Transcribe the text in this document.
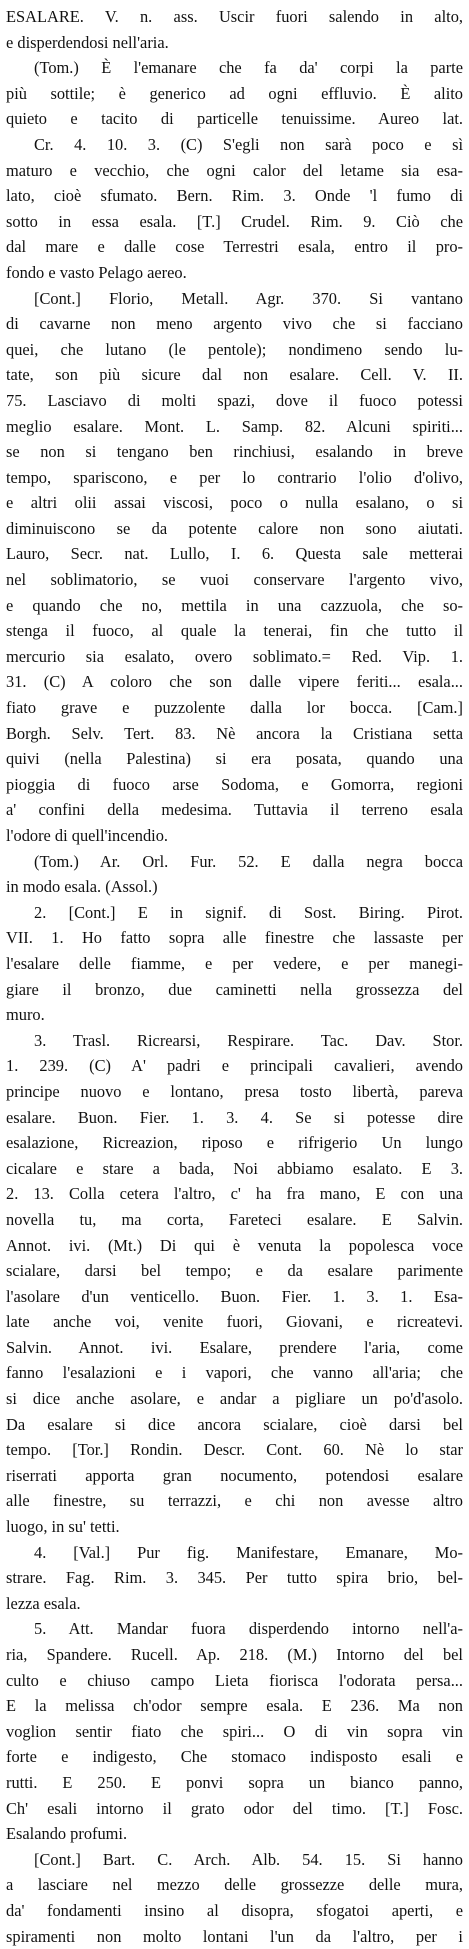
ESALARE. V. n. ass. Uscir fuori salendo in alto,
e disperdendosi nell'aria.
(Tom.) È l'emanare che fa da' corpi la parte
più sottile; è generico ad ogni effluvio. È alito
quieto e tacito di particelle tenuissime. Aureo lat.
Cr. 4. 10. 3. (C) S'egli non sarà poco e sì
maturo e vecchio, che ogni calor del letame sia esa-
lato, cioè sfumato. Bern. Rim. 3. Onde 'l fumo di
sotto in essa esala. [T.] Crudel. Rim. 9. Ciò che
dal mare e dalle cose Terrestri esala, entro il pro-
fondo e vasto Pelago aereo.
[Cont.] Florio, Metall. Agr. 370. Si vantano
di cavarne non meno argento vivo che si facciano
quei, che lutano (le pentole); nondimeno sendo lu-
tate, son più sicure dal non esalare. Cell. V. II.
75. Lasciavo di molti spazi, dove il fuoco potessi
meglio esalare. Mont. L. Samp. 82. Alcuni spiriti...
se non si tengano ben rinchiusi, esalando in breve
tempo, spariscono, e per lo contrario l'olio d'olivo,
e altri olii assai viscosi, poco o nulla esalano, o si
diminuiscono se da potente calore non sono aiutati.
Lauro, Secr. nat. Lullo, I. 6. Questa sale metterai
nel soblimatorio, se vuoi conservare l'argento vivo,
e quando che no, mettila in una cazzuola, che so-
stenga il fuoco, al quale la tenerai, fin che tutto il
mercurio sia esalato, overo soblimato.= Red. Vip. 1.
31. (C) A coloro che son dalle vipere feriti... esala...
fiato grave e puzzolente dalla lor bocca. [Cam.]
Borgh. Selv. Tert. 83. Nè ancora la Cristiana setta
quivi (nella Palestina) si era posata, quando una
pioggia di fuoco arse Sodoma, e Gomorra, regioni
a' confini della medesima. Tuttavia il terreno esala
l'odore di quell'incendio.
(Tom.) Ar. Orl. Fur. 52. E dalla negra bocca
in modo esala. (Assol.)
2. [Cont.] E in signif. di Sost. Biring. Pirot.
VII. 1. Ho fatto sopra alle finestre che lassaste per
l'esalare delle fiamme, e per vedere, e per manegi-
giare il bronzo, due caminetti nella grossezza del
muro.
3. Trasl. Ricrearsi, Respirare. Tac. Dav. Stor.
1. 239. (C) A' padri e principali cavalieri, avendo
principe nuovo e lontano, presa tosto libertà, pareva
esalare. Buon. Fier. 1. 3. 4. Se si potesse dire
esalazione, Ricreazion, riposo e rifrigerio Un lungo
cicalare e stare a bada, Noi abbiamo esalato. E 3.
2. 13. Colla cetera l'altro, c' ha fra mano, E con una
novella tu, ma corta, Fareteci esalare. E Salvin.
Annot. ivi. (Mt.) Di qui è venuta la popolesca voce
scialare, darsi bel tempo; e da esalare parimente
l'asolare d'un venticello. Buon. Fier. 1. 3. 1. Esa-
late anche voi, venite fuori, Giovani, e ricreatevi.
Salvin. Annot. ivi. Esalare, prendere l'aria, come
fanno l'esalazioni e i vapori, che vanno all'aria; che
si dice anche asolare, e andar a pigliare un po'd'asolo.
Da esalare si dice ancora scialare, cioè darsi bel
tempo. [Tor.] Rondin. Descr. Cont. 60. Nè lo star
riserrati apporta gran nocumento, potendosi esalare
alle finestre, su terrazzi, e chi non avesse altro
luogo, in su' tetti.
4. [Val.] Pur fig. Manifestare, Emanare, Mo-
strare. Fag. Rim. 3. 345. Per tutto spira brio, bel-
lezza esala.
5. Att. Mandar fuora disperdendo intorno nell'a-
ria, Spandere. Rucell. Ap. 218. (M.) Intorno del bel
culto e chiuso campo Lieta fiorisca l'odorata persa...
E la melissa ch'odor sempre esala. E 236. Ma non
voglion sentir fiato che spiri... O di vin sopra vin
forte e indigesto, Che stomaco indisposto esali e
rutti. E 250. E ponvi sopra un bianco panno,
Ch' esali intorno il grato odor del timo. [T.] Fosc.
Esalando profumi.
[Cont.] Bart. C. Arch. Alb. 54. 15. Si hanno
a lasciare nel mezzo delle grossezze delle mura,
da' fondamenti insino al disopra, sfogatoi aperti, e
spiramenti non molto lontani l'un da l'altro, per i
